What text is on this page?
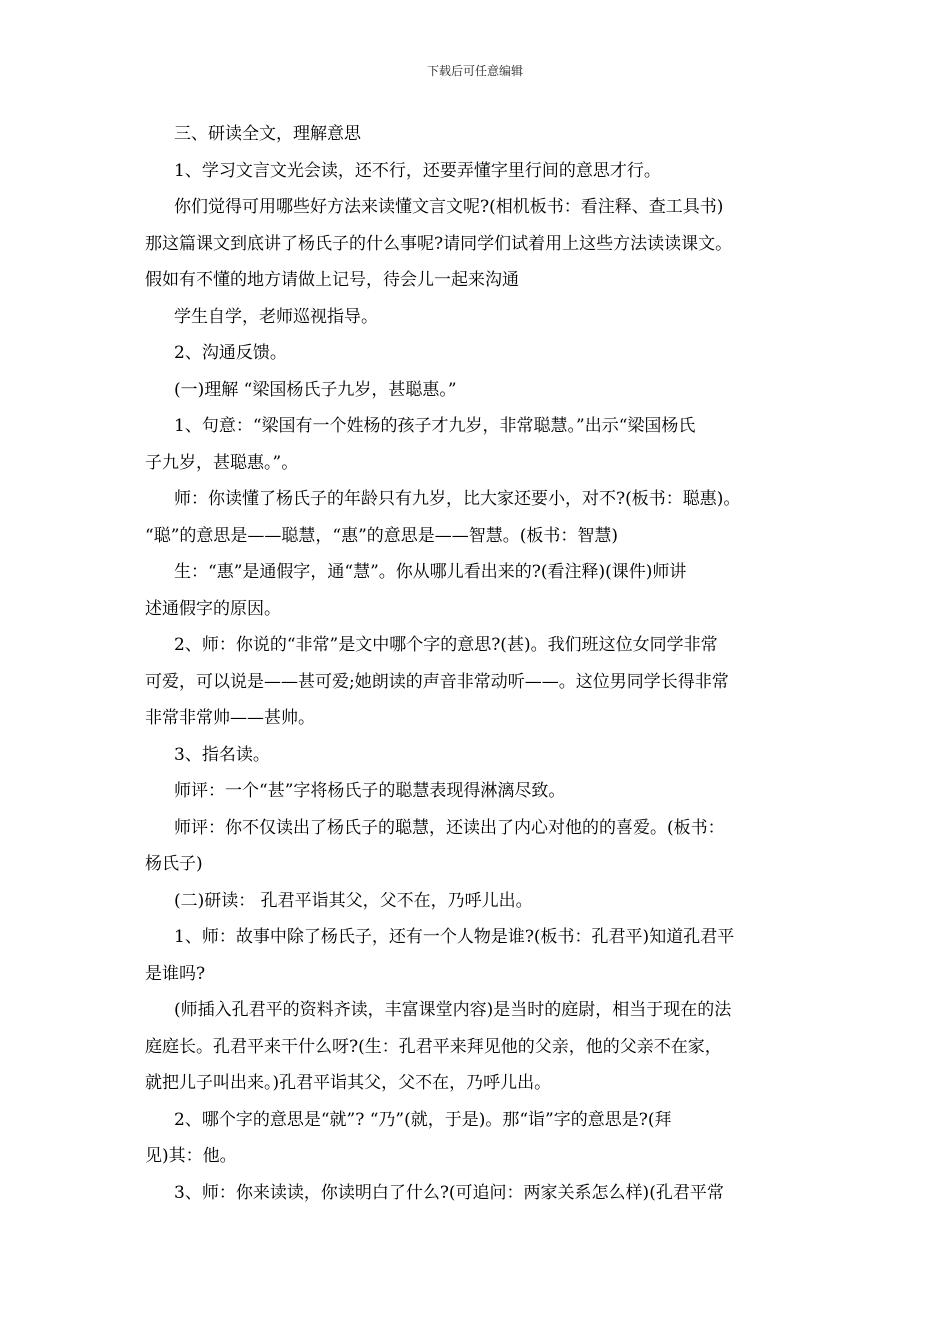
下载后可任意编辑
三、研读全文，理解意思
1、学习文言文光会读，还不行，还要弄懂字里行间的意思才行。
你们觉得可用哪些好方法来读懂文言文呢?(相机板书：看注释、查工具书)
那这篇课文到底讲了杨氏子的什么事呢?请同学们试着用上这些方法读读课文。
假如有不懂的地方请做上记号，待会儿一起来沟通
学生自学，老师巡视指导。
2、沟通反馈。
(一)理解 “梁国杨氏子九岁，甚聪惠。”
1、句意：“梁国有一个姓杨的孩子才九岁，非常聪慧。”出示“梁国杨氏
子九岁，甚聪惠。”。
师：你读懂了杨氏子的年龄只有九岁，比大家还要小，对不?(板书：聪惠)。
“聪”的意思是——聪慧，“惠”的意思是——智慧。(板书：智慧)
生：“惠”是通假字，通“慧”。你从哪儿看出来的?(看注释)(课件)师讲
述通假字的原因。
2、师：你说的“非常”是文中哪个字的意思?(甚)。我们班这位女同学非常
可爱，可以说是——甚可爱;她朗读的声音非常动听——。这位男同学长得非常
非常非常帅——甚帅。
3、指名读。
师评：一个“甚”字将杨氏子的聪慧表现得淋漓尽致。
师评：你不仅读出了杨氏子的聪慧，还读出了内心对他的的喜爱。(板书：
杨氏子)
(二)研读： 孔君平诣其父，父不在，乃呼儿出。
1、师：故事中除了杨氏子，还有一个人物是谁?(板书：孔君平)知道孔君平
是谁吗?
(师插入孔君平的资料齐读，丰富课堂内容)是当时的庭尉，相当于现在的法
庭庭长。孔君平来干什么呀?(生：孔君平来拜见他的父亲，他的父亲不在家，
就把儿子叫出来。)孔君平诣其父，父不在，乃呼儿出。
2、哪个字的意思是“就”? “乃”(就，于是)。那“诣”字的意思是?(拜
见)其：他。
3、师：你来读读，你读明白了什么?(可追问：两家关系怎么样)(孔君平常
